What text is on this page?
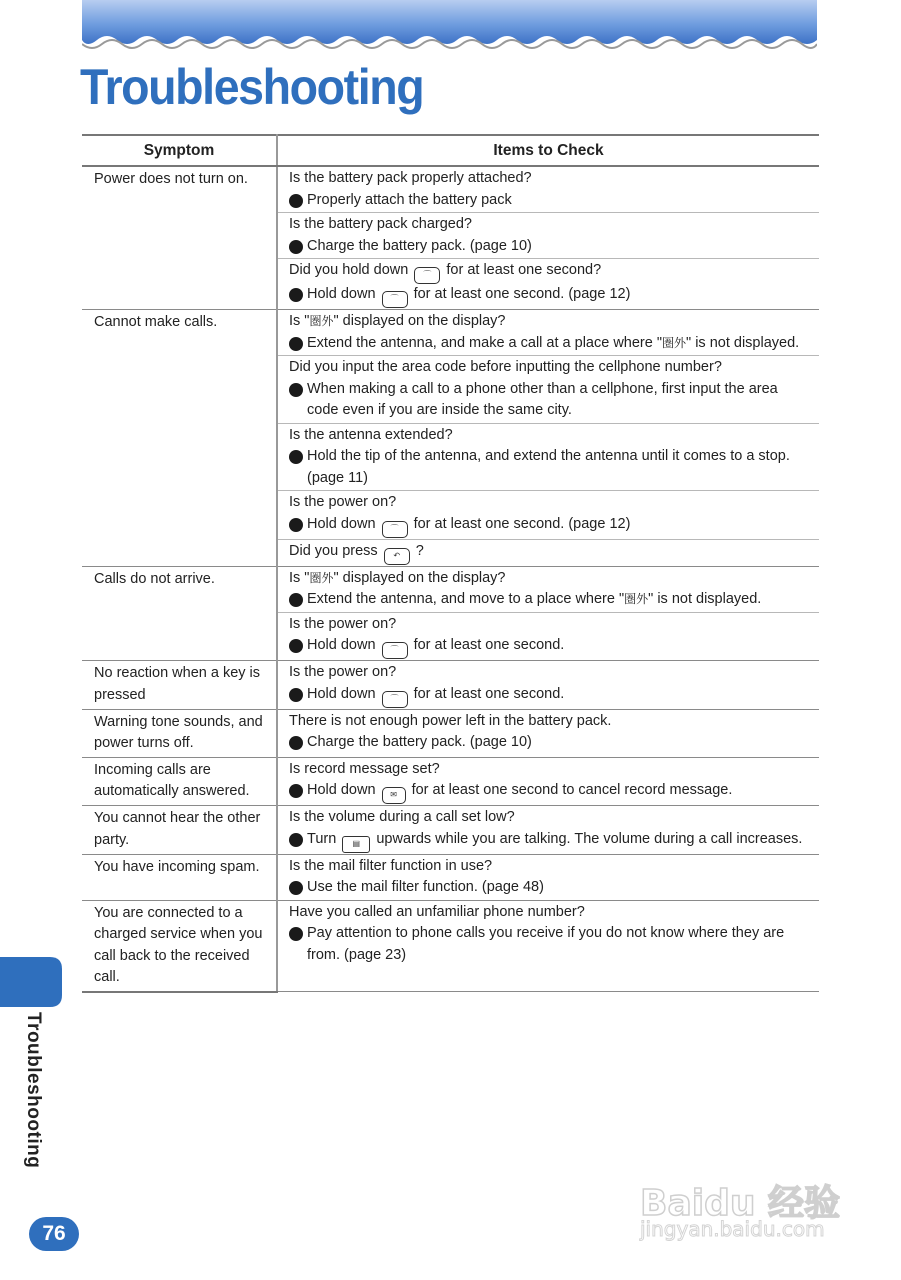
Troubleshooting
Symptom	Items to Check
Power does not turn on.	Is the battery pack properly attached?
Properly attach the battery pack

	Is the battery pack charged?
Charge the battery pack. (page 10)

	Did you hold down ⌒ for at least one second?
Hold down ⌒ for at least one second. (page 12)

Cannot make calls.	Is "圏外" displayed on the display?
Extend the antenna, and make a call at a place where "圏外" is not displayed.

	Did you input the area code before inputting the cellphone number?
When making a call to a phone other than a cellphone, first input the area code even if you are inside the same city.

	Is the antenna extended?
Hold the tip of the antenna, and extend the antenna until it comes to a stop. (page 11)

	Is the power on?
Hold down ⌒ for at least one second. (page 12)

	Did you press ↶ ?

Calls do not arrive.	Is "圏外" displayed on the display?
Extend the antenna, and move to a place where "圏外" is not displayed.

	Is the power on?
Hold down ⌒ for at least one second.

No reaction when a key is pressed	Is the power on?
Hold down ⌒ for at least one second.

Warning tone sounds, and power turns off.	There is not enough power left in the battery pack.
Charge the battery pack. (page 10)

Incoming calls are automatically answered.	Is record message set?
Hold down ✉ for at least one second to cancel record message.

You cannot hear the other party.	Is the volume during a call set low?
Turn ▤ upwards while you are talking. The volume during a call increases.

You have incoming spam.	Is the mail filter function in use?
Use the mail filter function. (page 48)

You are connected to a charged service when you call back to the received call.	Have you called an unfamiliar phone number?
Pay attention to phone calls you receive if you do not know where they are from. (page 23)
Troubleshooting
76
Baidu 经验
jingyan.baidu.com
